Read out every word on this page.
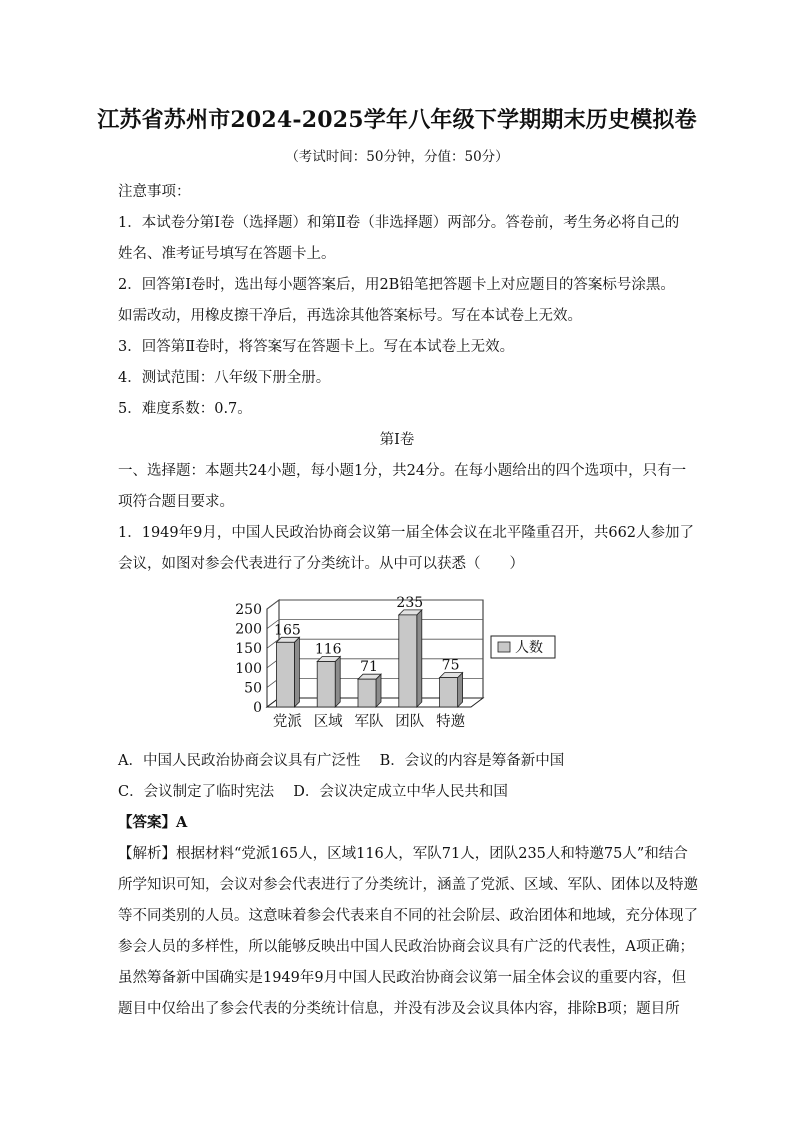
江苏省苏州市2024-2025学年八年级下学期期末历史模拟卷
（考试时间：50分钟，分值：50分）
注意事项：
1．本试卷分第Ⅰ卷（选择题）和第Ⅱ卷（非选择题）两部分。答卷前，考生务必将自己的
姓名、准考证号填写在答题卡上。
2．回答第Ⅰ卷时，选出每小题答案后，用2B铅笔把答题卡上对应题目的答案标号涂黑。
如需改动，用橡皮擦干净后，再选涂其他答案标号。写在本试卷上无效。
3．回答第Ⅱ卷时，将答案写在答题卡上。写在本试卷上无效。
4．测试范围：八年级下册全册。
5．难度系数：0.7。
第Ⅰ卷
一、选择题：本题共24小题，每小题1分，共24分。在每小题给出的四个选项中，只有一
项符合题目要求。
1．1949年9月，中国人民政治协商会议第一届全体会议在北平隆重召开，共662人参加了
会议，如图对参会代表进行了分类统计。从中可以获悉（　　）
0
50
100
150
200
250
165
党派
116
区域
71
军队
235
团队
75
特邀
人数
A．中国人民政治协商会议具有广泛性　 B．会议的内容是筹备新中国
C．会议制定了临时宪法　 D．会议决定成立中华人民共和国
【答案】A
【解析】根据材料“党派165人，区域116人，军队71人，团队235人和特邀75人”和结合
所学知识可知，会议对参会代表进行了分类统计，涵盖了党派、区域、军队、团体以及特邀
等不同类别的人员。这意味着参会代表来自不同的社会阶层、政治团体和地域，充分体现了
参会人员的多样性，所以能够反映出中国人民政治协商会议具有广泛的代表性，A项正确；
虽然筹备新中国确实是1949年9月中国人民政治协商会议第一届全体会议的重要内容，但
题目中仅给出了参会代表的分类统计信息，并没有涉及会议具体内容，排除B项；题目所
